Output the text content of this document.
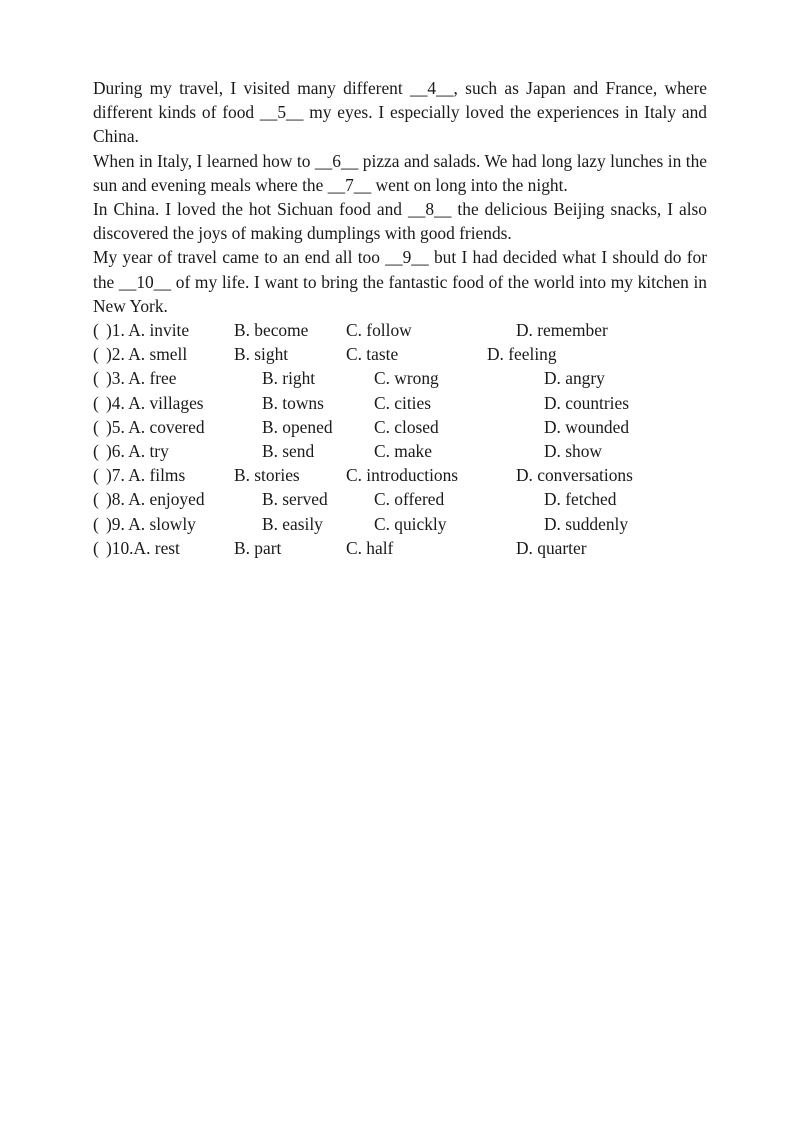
During my travel, I visited many different __4__, such as Japan and France, where different kinds of food __5__ my eyes. I especially loved the experiences in Italy and China.

When in Italy, I learned how to __6__ pizza and salads. We had long lazy lunches in the sun and evening meals where the __7__ went on long into the night.

In China. I loved the hot Sichuan food and __8__ the delicious Beijing snacks, I also discovered the joys of making dumplings with good friends.

My year of travel came to an end all too __9__ but I had decided what I should do for the __10__ of my life. I want to bring the fantastic food of the world into my kitchen in New York.

( )1. A. invite	B. become C. follow	D. remember
( )2. A. smell	B. sight	C. taste	D. feeling
( )3. A. free	B. right	C. wrong	D. angry
( )4. A. villages	B. towns	C. cities	D. countries
( )5. A. covered	B. opened C. closed	D. wounded
( )6. A. try	B. send	C. make	D. show
( )7. A. films	B. stories	C. introductions	D. conversations
( )8. A. enjoyed	B. served	C. offered	D. fetched
( )9. A. slowly	B. easily	C. quickly	D. suddenly
( )10.A. rest	B. part	C. half	D. quarter
